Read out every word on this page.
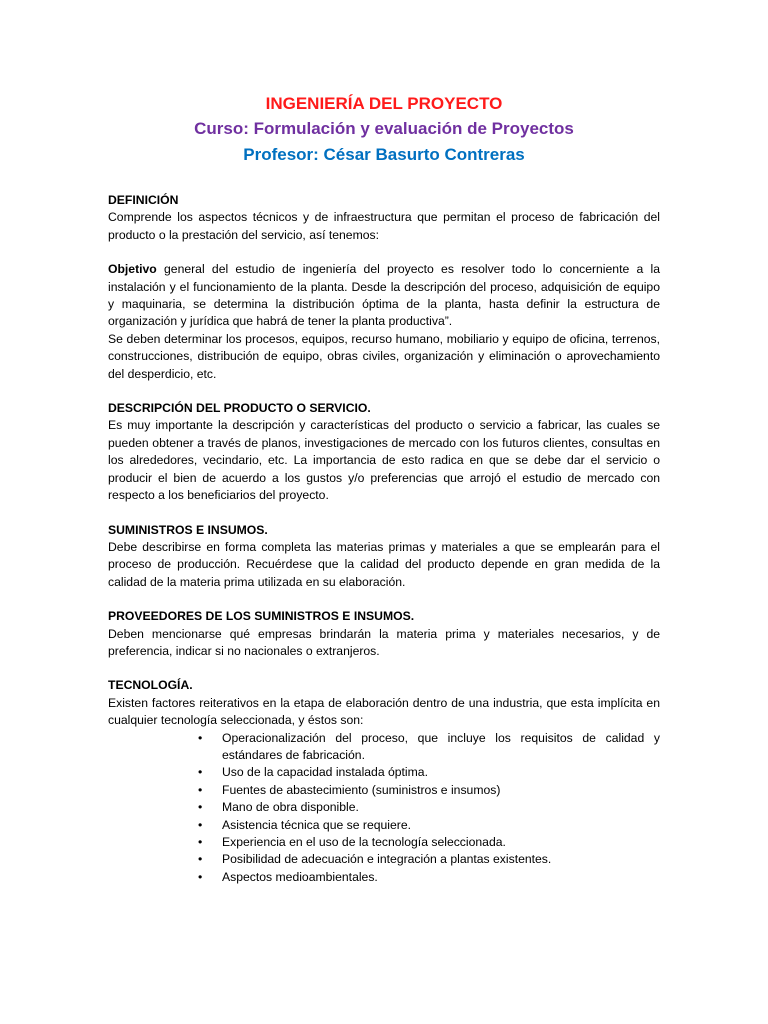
INGENIERÍA DEL PROYECTO

Curso: Formulación y evaluación de Proyectos

Profesor: César Basurto Contreras

DEFINICIÓN

Comprende los aspectos técnicos y de infraestructura que permitan el proceso de fabricación del producto o la prestación del servicio, así tenemos:

Objetivo general del estudio de ingeniería del proyecto es resolver todo lo concerniente a la instalación y el funcionamiento de la planta. Desde la descripción del proceso, adquisición de equipo y maquinaria, se determina la distribución óptima de la planta, hasta definir la estructura de organización y jurídica que habrá de tener la planta productiva”.

Se deben determinar los procesos, equipos, recurso humano, mobiliario y equipo de oficina, terrenos, construcciones, distribución de equipo, obras civiles, organización y eliminación o aprovechamiento del desperdicio, etc.

DESCRIPCIÓN DEL PRODUCTO O SERVICIO.

Es muy importante la descripción y características del producto o servicio a fabricar, las cuales se pueden obtener a través de planos, investigaciones de mercado con los futuros clientes, consultas en los alrededores, vecindario, etc. La importancia de esto radica en que se debe dar el servicio o producir el bien de acuerdo a los gustos y/o preferencias que arrojó el estudio de mercado con respecto a los beneficiarios del proyecto.

SUMINISTROS E INSUMOS.

Debe describirse en forma completa las materias primas y materiales a que se emplearán para el proceso de producción. Recuérdese que la calidad del producto depende en gran medida de la calidad de la materia prima utilizada en su elaboración.

PROVEEDORES DE LOS SUMINISTROS E INSUMOS.

Deben mencionarse qué empresas brindarán la materia prima y materiales necesarios, y de preferencia, indicar si no nacionales o extranjeros.

TECNOLOGÍA.

Existen factores reiterativos en la etapa de elaboración dentro de una industria, que esta implícita en cualquier tecnología seleccionada, y éstos son:

• Operacionalización del proceso, que incluye los requisitos de calidad y estándares de fabricación.
• Uso de la capacidad instalada óptima.
• Fuentes de abastecimiento (suministros e insumos)
• Mano de obra disponible.
• Asistencia técnica que se requiere.
• Experiencia en el uso de la tecnología seleccionada.
• Posibilidad de adecuación e integración a plantas existentes.
• Aspectos medioambientales.
